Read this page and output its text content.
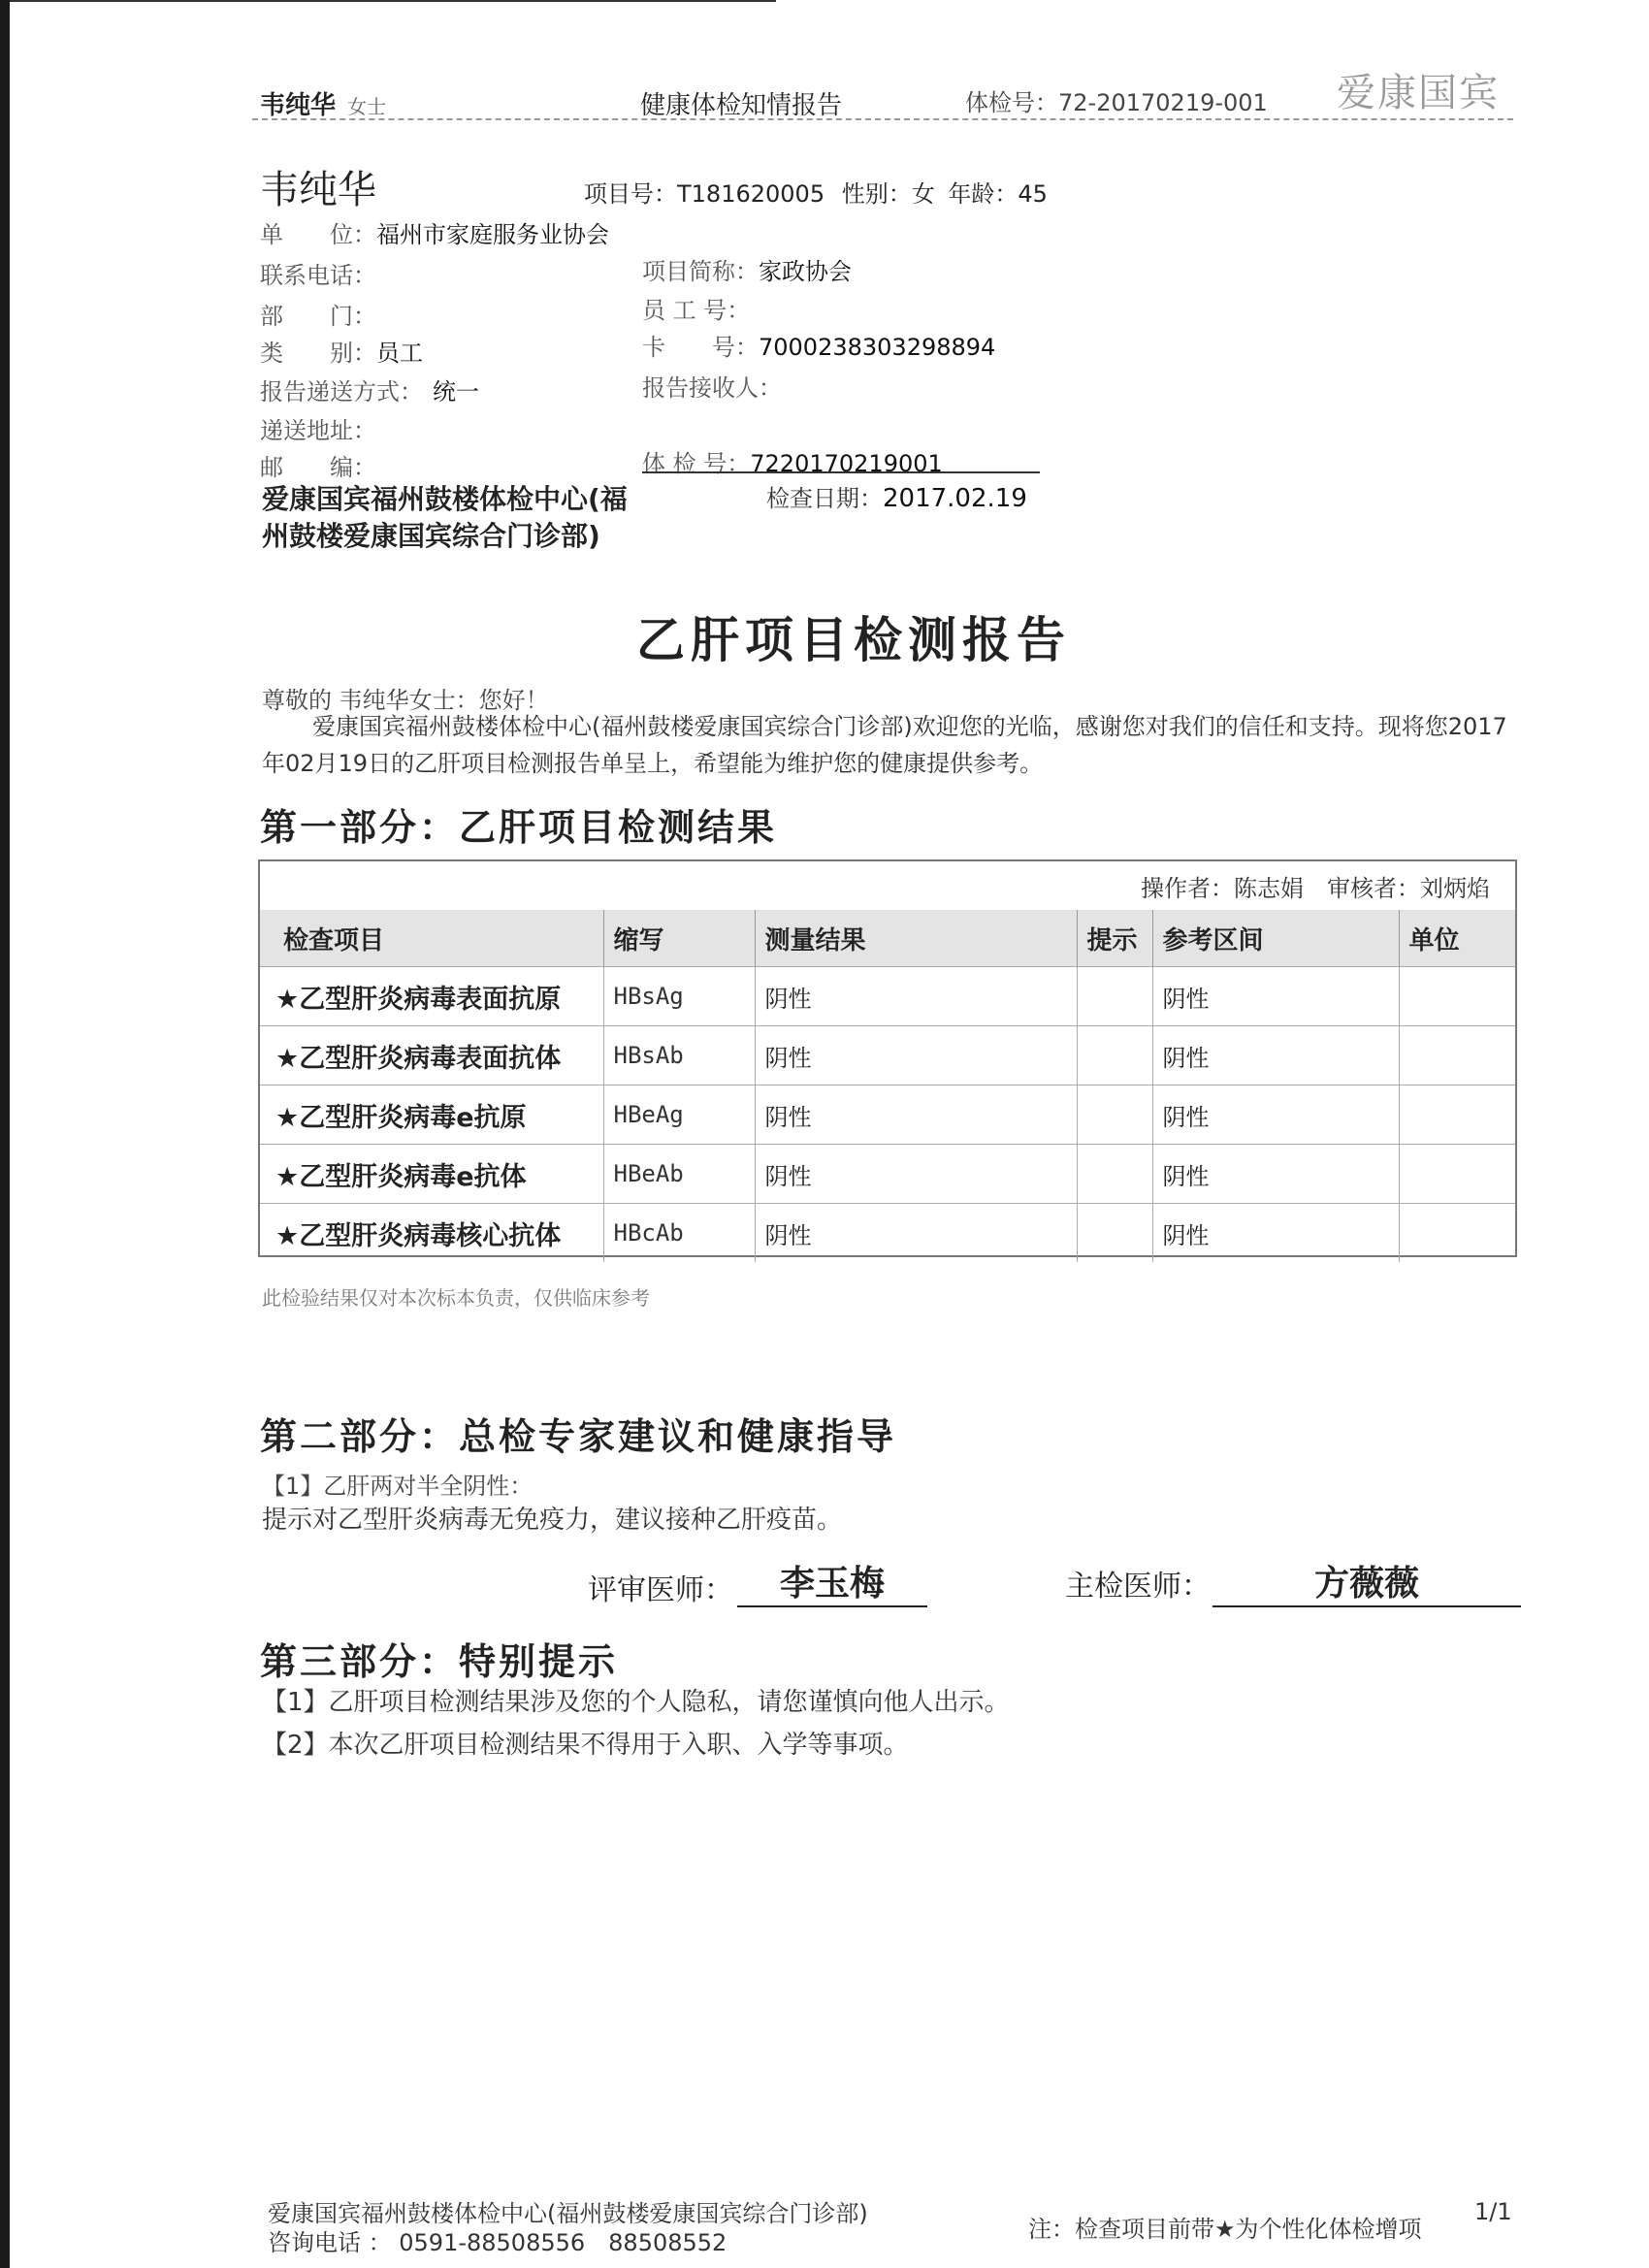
韦纯华 女士	健康体检知情报告	体检号：72-20170219-001 爱康国宾
韦纯华	项目号：T181620005 性别：女 年龄：45
单　　位：福州市家庭服务业协会
联系电话：
部　　门：
类　　别：员工
报告递送方式： 统一
递送地址：
邮　　编：
项目简称：家政协会
员 工 号：
卡　　号：7000238303298894
报告接收人：
体 检 号：7220170219001
爱康国宾福州鼓楼体检中心(福州鼓楼爱康国宾综合门诊部)
检查日期：2017.02.19
乙肝项目检测报告
尊敬的 韦纯华女士：您好！
爱康国宾福州鼓楼体检中心(福州鼓楼爱康国宾综合门诊部)欢迎您的光临，感谢您对我们的信任和支持。现将您2017年02月19日的乙肝项目检测报告单呈上，希望能为维护您的健康提供参考。
第一部分：乙肝项目检测结果
操作者：陈志娟　审核者：刘炳焰
检查项目	缩写	测量结果	提示	参考区间	单位
★乙型肝炎病毒表面抗原	HBsAg	阴性		阴性	
★乙型肝炎病毒表面抗体	HBsAb	阴性		阴性	
★乙型肝炎病毒e抗原	HBeAg	阴性		阴性	
★乙型肝炎病毒e抗体	HBeAb	阴性		阴性	
★乙型肝炎病毒核心抗体	HBcAb	阴性		阴性	
此检验结果仅对本次标本负责，仅供临床参考
第二部分：总检专家建议和健康指导
【1】乙肝两对半全阴性：
提示对乙型肝炎病毒无免疫力，建议接种乙肝疫苗。
评审医师：	李玉梅	主检医师：	方薇薇
第三部分：特别提示
【1】乙肝项目检测结果涉及您的个人隐私，请您谨慎向他人出示。
【2】本次乙肝项目检测结果不得用于入职、入学等事项。
爱康国宾福州鼓楼体检中心(福州鼓楼爱康国宾综合门诊部)
咨询电话 ： 0591-88508556　88508552	注：检查项目前带★为个性化体检增项
1/1
